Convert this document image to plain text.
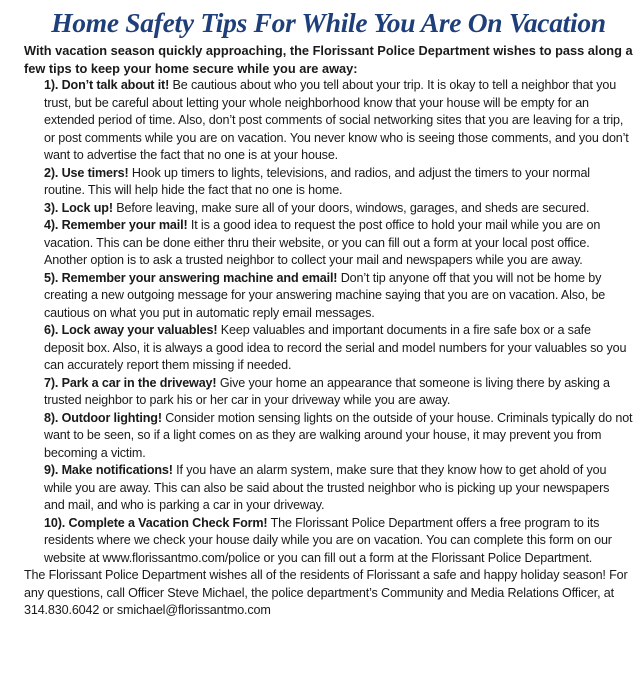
Home Safety Tips For While You Are On Vacation

With vacation season quickly approaching, the Florissant Police Department wishes to pass along a few tips to keep your home secure while you are away:

1). Don’t talk about it! Be cautious about who you tell about your trip. It is okay to tell a neighbor that you trust, but be careful about letting your whole neighborhood know that your house will be empty for an extended period of time. Also, don’t post comments of social networking sites that you are leaving for a trip, or post comments while you are on vacation. You never know who is seeing those comments, and you don’t want to advertise the fact that no one is at your house.
2). Use timers! Hook up timers to lights, televisions, and radios, and adjust the timers to your normal routine. This will help hide the fact that no one is home.
3). Lock up! Before leaving, make sure all of your doors, windows, garages, and sheds are secured.
4). Remember your mail! It is a good idea to request the post office to hold your mail while you are on vacation. This can be done either thru their website, or you can fill out a form at your local post office. Another option is to ask a trusted neighbor to collect your mail and newspapers while you are away.
5). Remember your answering machine and email! Don’t tip anyone off that you will not be home by creating a new outgoing message for your answering machine saying that you are on vacation. Also, be cautious on what you put in automatic reply email messages.
6). Lock away your valuables! Keep valuables and important documents in a fire safe box or a safe deposit box. Also, it is always a good idea to record the serial and model numbers for your valuables so you can accurately report them missing if needed.
7). Park a car in the driveway! Give your home an appearance that someone is living there by asking a trusted neighbor to park his or her car in your driveway while you are away.
8). Outdoor lighting! Consider motion sensing lights on the outside of your house. Criminals typically do not want to be seen, so if a light comes on as they are walking around your house, it may prevent you from becoming a victim.
9). Make notifications! If you have an alarm system, make sure that they know how to get ahold of you while you are away. This can also be said about the trusted neighbor who is picking up your newspapers and mail, and who is parking a car in your driveway.
10). Complete a Vacation Check Form! The Florissant Police Department offers a free program to its residents where we check your house daily while you are on vacation. You can complete this form on our website at www.florissantmo.com/police or you can fill out a form at the Florissant Police Department.

The Florissant Police Department wishes all of the residents of Florissant a safe and happy holiday season! For any questions, call Officer Steve Michael, the police department’s Community and Media Relations Officer, at 314.830.6042 or smichael@florissantmo.com
